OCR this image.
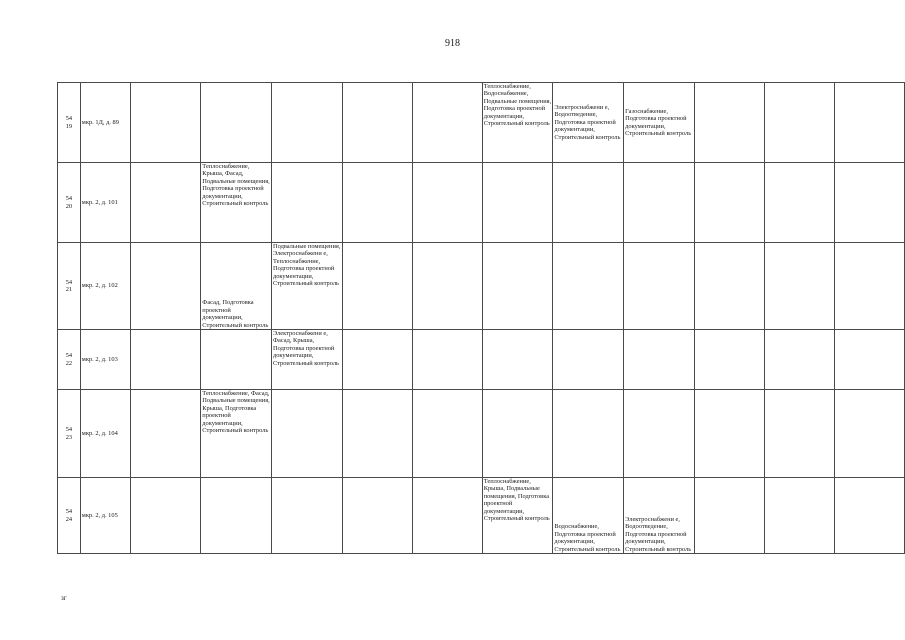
918
54
19	мкр. 1Д, д. 89						Теплоснабжение, Водоснабжение, Подвальные помещения, Подготовка проектной документации, Строительный контроль	Электроснабжени е, Водоотведение, Подготовка проектной документации, Строительный контроль	Газоснабжение, Подготовка проектной документации, Строительный контроль			

54
20	мкр. 2, д. 101		Теплоснабжение, Крыша, Фасад, Подвальные помещения, Подготовка проектной документации, Строительный контроль									

54
21	мкр. 2, д. 102		Фасад, Подготовка проектной документации, Строительный контроль	Подвальные помещения, Электроснабжени е, Теплоснабжение, Подготовка проектной документации, Строительный контроль								

54
22	мкр. 2, д. 103			Электроснабжени е, Фасад, Крыша, Подготовка проектной документации, Строительный контроль								

54
23	мкр. 2, д. 104		Теплоснабжение, Фасад, Подвальные помещения, Крыша, Подготовка проектной документации, Строительный контроль									

54
24	мкр. 2, д. 105						Теплоснабжение, Крыша, Подвальные помещения, Подготовка проектной документации, Строительный контроль	Водоснабжение, Подготовка проектной документации, Строительный контроль	Электроснабжени е, Водоотведение, Подготовка проектной документации, Строительный контроль			
зг
